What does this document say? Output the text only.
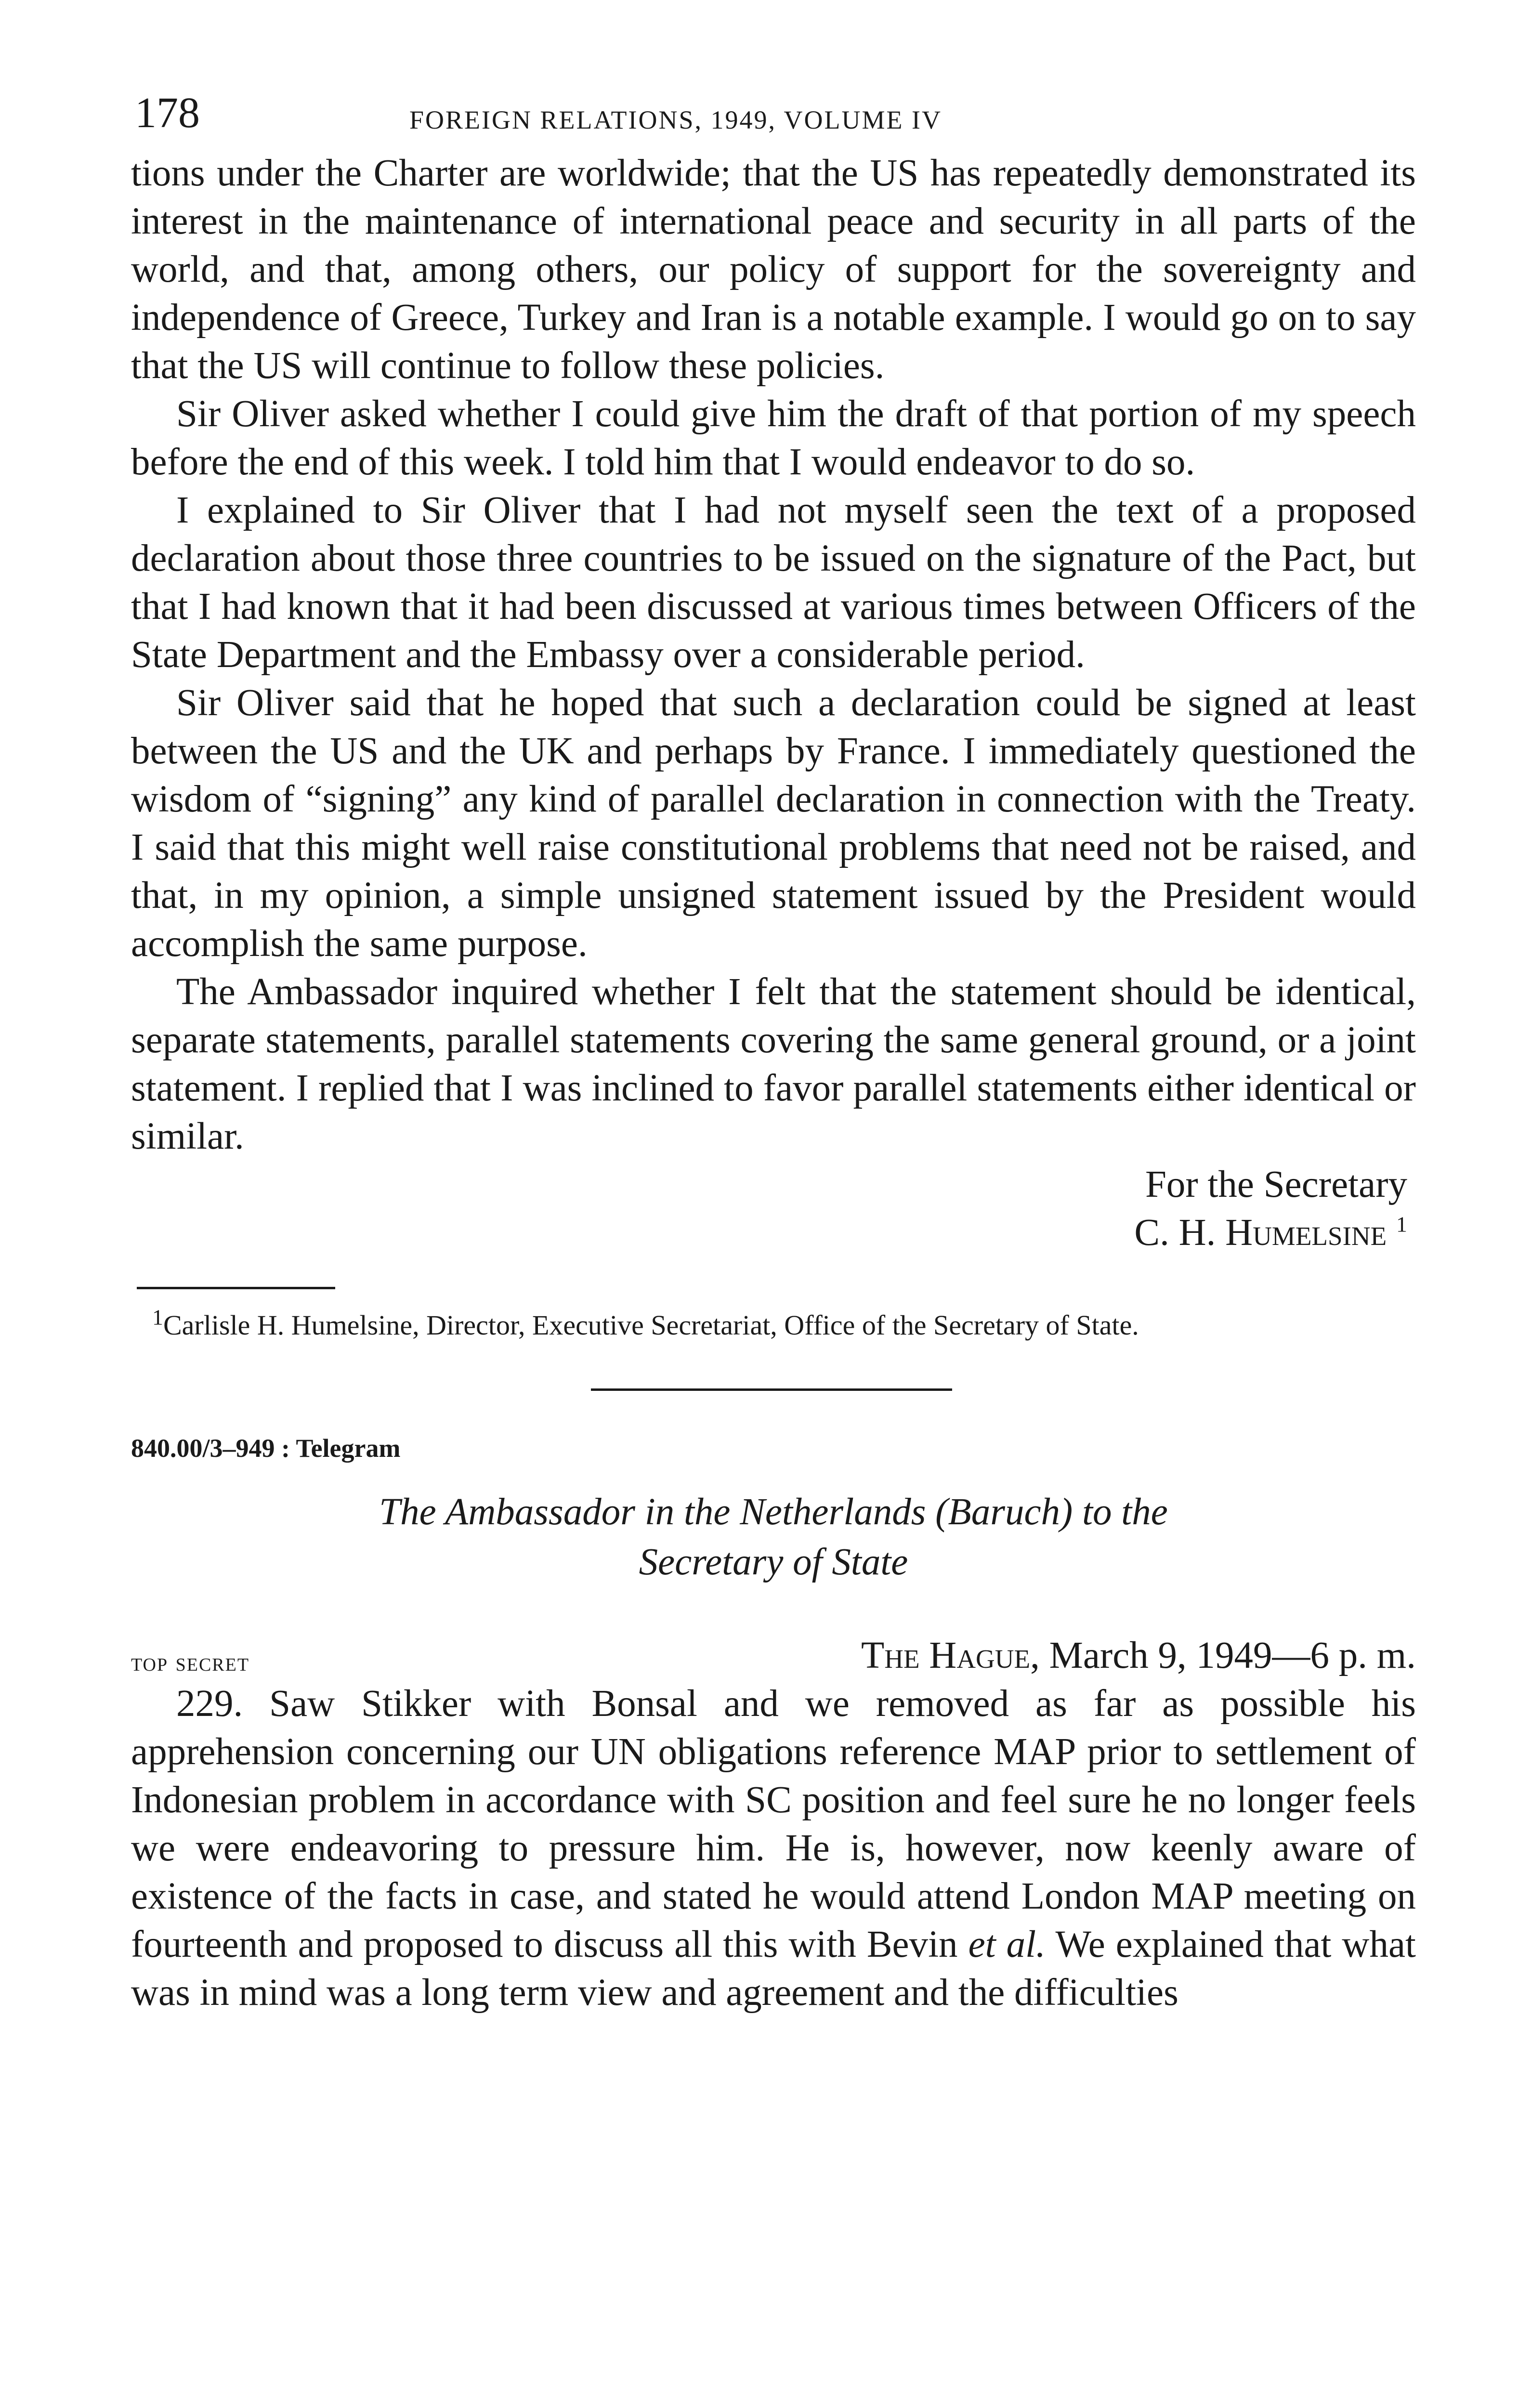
178	FOREIGN RELATIONS, 1949, VOLUME IV

tions under the Charter are worldwide; that the US has repeatedly demonstrated its interest in the maintenance of international peace and security in all parts of the world, and that, among others, our policy of support for the sovereignty and independence of Greece, Turkey and Iran is a notable example. I would go on to say that the US will continue to follow these policies.

Sir Oliver asked whether I could give him the draft of that portion of my speech before the end of this week. I told him that I would endeavor to do so.

I explained to Sir Oliver that I had not myself seen the text of a proposed declaration about those three countries to be issued on the signature of the Pact, but that I had known that it had been discussed at various times between Officers of the State Department and the Embassy over a considerable period.

Sir Oliver said that he hoped that such a declaration could be signed at least between the US and the UK and perhaps by France. I immediately questioned the wisdom of “signing” any kind of parallel declaration in connection with the Treaty. I said that this might well raise constitutional problems that need not be raised, and that, in my opinion, a simple unsigned statement issued by the President would accomplish the same purpose.

The Ambassador inquired whether I felt that the statement should be identical, separate statements, parallel statements covering the same general ground, or a joint statement. I replied that I was inclined to favor parallel statements either identical or similar.

For the Secretary
C. H. Humelsine $^1$
$^1$Carlisle H. Humelsine, Director, Executive Secretariat, Office of the Secretary of State.
840.00/3–949 : Telegram
The Ambassador in the Netherlands (Baruch) to the
Secretary of State
top secret	The Hague, March 9, 1949—6 p. m.

229. Saw Stikker with Bonsal and we removed as far as possible his apprehension concerning our UN obligations reference MAP prior to settlement of Indonesian problem in accordance with SC position and feel sure he no longer feels we were endeavoring to pressure him. He is, however, now keenly aware of existence of the facts in case, and stated he would attend London MAP meeting on fourteenth and proposed to discuss all this with Bevin et al. We explained that what was in mind was a long term view and agreement and the difficulties
